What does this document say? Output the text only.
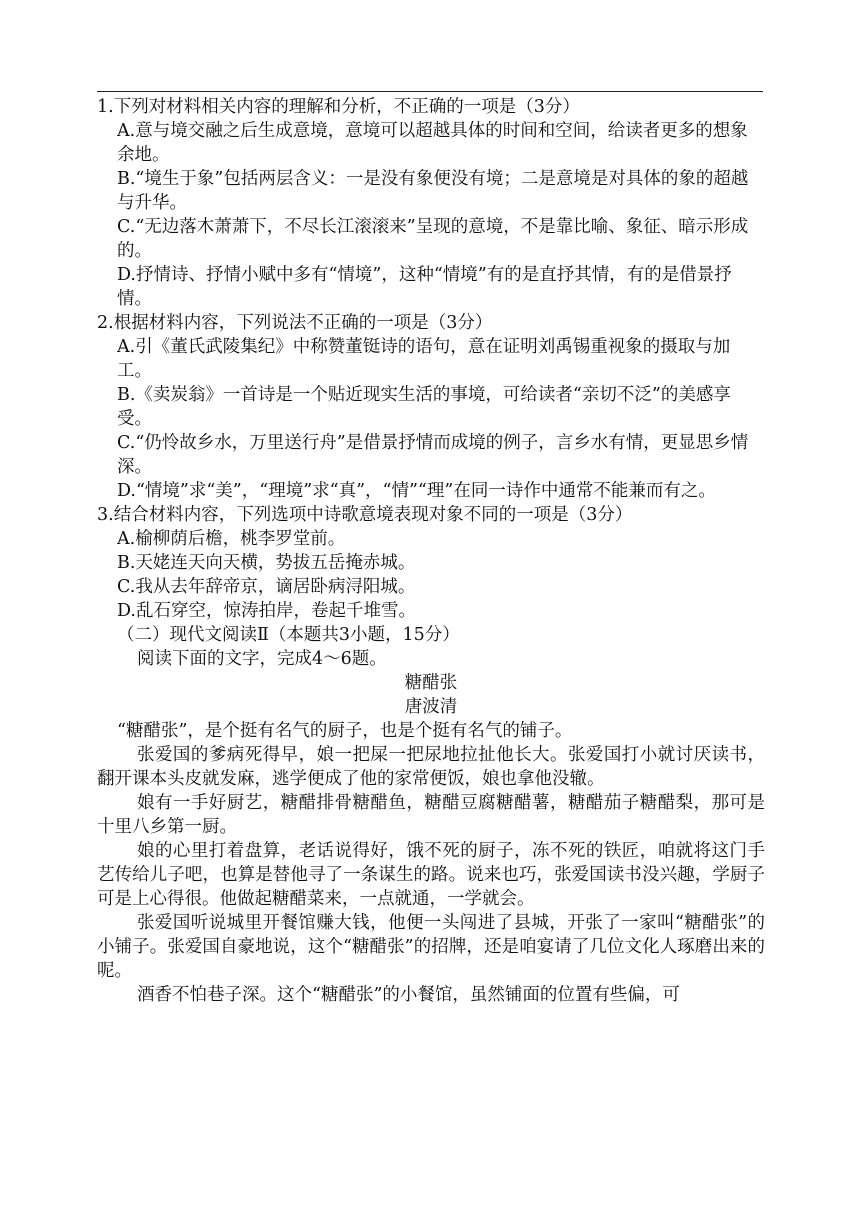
1.下列对材料相关内容的理解和分析，不正确的一项是（3分）

A.意与境交融之后生成意境，意境可以超越具体的时间和空间，给读者更多的想象余地。

B.“境生于象”包括两层含义：一是没有象便没有境；二是意境是对具体的象的超越与升华。

C.“无边落木萧萧下，不尽长江滚滚来”呈现的意境，不是靠比喻、象征、暗示形成的。

D.抒情诗、抒情小赋中多有“情境”，这种“情境”有的是直抒其情，有的是借景抒情。

2.根据材料内容，下列说法不正确的一项是（3分）

A.引《董氏武陵集纪》中称赞董铤诗的语句，意在证明刘禹锡重视象的摄取与加工。

B.《卖炭翁》一首诗是一个贴近现实生活的事境，可给读者“亲切不泛”的美感享受。

C.“仍怜故乡水，万里送行舟”是借景抒情而成境的例子，言乡水有情，更显思乡情深。

D.“情境”求“美”，“理境”求“真”，“情”“理”在同一诗作中通常不能兼而有之。

3.结合材料内容，下列选项中诗歌意境表现对象不同的一项是（3分）

A.榆柳荫后檐，桃李罗堂前。

B.天姥连天向天横，势拔五岳掩赤城。

C.我从去年辞帝京，谪居卧病浔阳城。

D.乱石穿空，惊涛拍岸，卷起千堆雪。

（二）现代文阅读Ⅱ（本题共3小题，15分）

阅读下面的文字，完成4～6题。

糖醋张

唐波清

“糖醋张”，是个挺有名气的厨子，也是个挺有名气的铺子。

张爱国的爹病死得早，娘一把屎一把尿地拉扯他长大。张爱国打小就讨厌读书，翻开课本头皮就发麻，逃学便成了他的家常便饭，娘也拿他没辙。

娘有一手好厨艺，糖醋排骨糖醋鱼，糖醋豆腐糖醋薯，糖醋茄子糖醋梨，那可是十里八乡第一厨。

娘的心里打着盘算，老话说得好，饿不死的厨子，冻不死的铁匠，咱就将这门手艺传给儿子吧，也算是替他寻了一条谋生的路。说来也巧，张爱国读书没兴趣，学厨子可是上心得很。他做起糖醋菜来，一点就通，一学就会。

张爱国听说城里开餐馆赚大钱，他便一头闯进了县城，开张了一家叫“糖醋张”的小铺子。张爱国自豪地说，这个“糖醋张”的招牌，还是咱宴请了几位文化人琢磨出来的呢。

酒香不怕巷子深。这个“糖醋张”的小餐馆，虽然铺面的位置有些偏，可
